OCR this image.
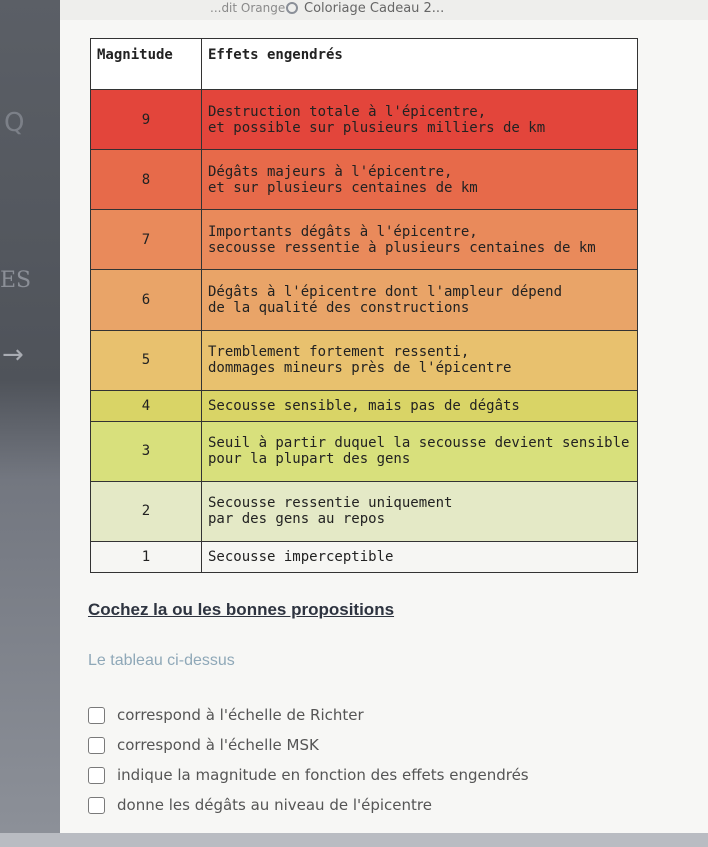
Q
ES
→
...dit Orange Coloriage Cadeau 2...
Magnitude	Effets engendrés
9	Destruction totale à l'épicentre,
et possible sur plusieurs milliers de km
8	Dégâts majeurs à l'épicentre,
et sur plusieurs centaines de km
7	Importants dégâts à l'épicentre,
secousse ressentie à plusieurs centaines de km
6	Dégâts à l'épicentre dont l'ampleur dépend
de la qualité des constructions
5	Tremblement fortement ressenti,
dommages mineurs près de l'épicentre
4	Secousse sensible, mais pas de dégâts
3	Seuil à partir duquel la secousse devient sensible
pour la plupart des gens
2	Secousse ressentie uniquement
par des gens au repos
1	Secousse imperceptible
Cochez la ou les bonnes propositions
Le tableau ci-dessus
correspond à l'échelle de Richter
correspond à l'échelle MSK
indique la magnitude en fonction des effets engendrés
donne les dégâts au niveau de l'épicentre
